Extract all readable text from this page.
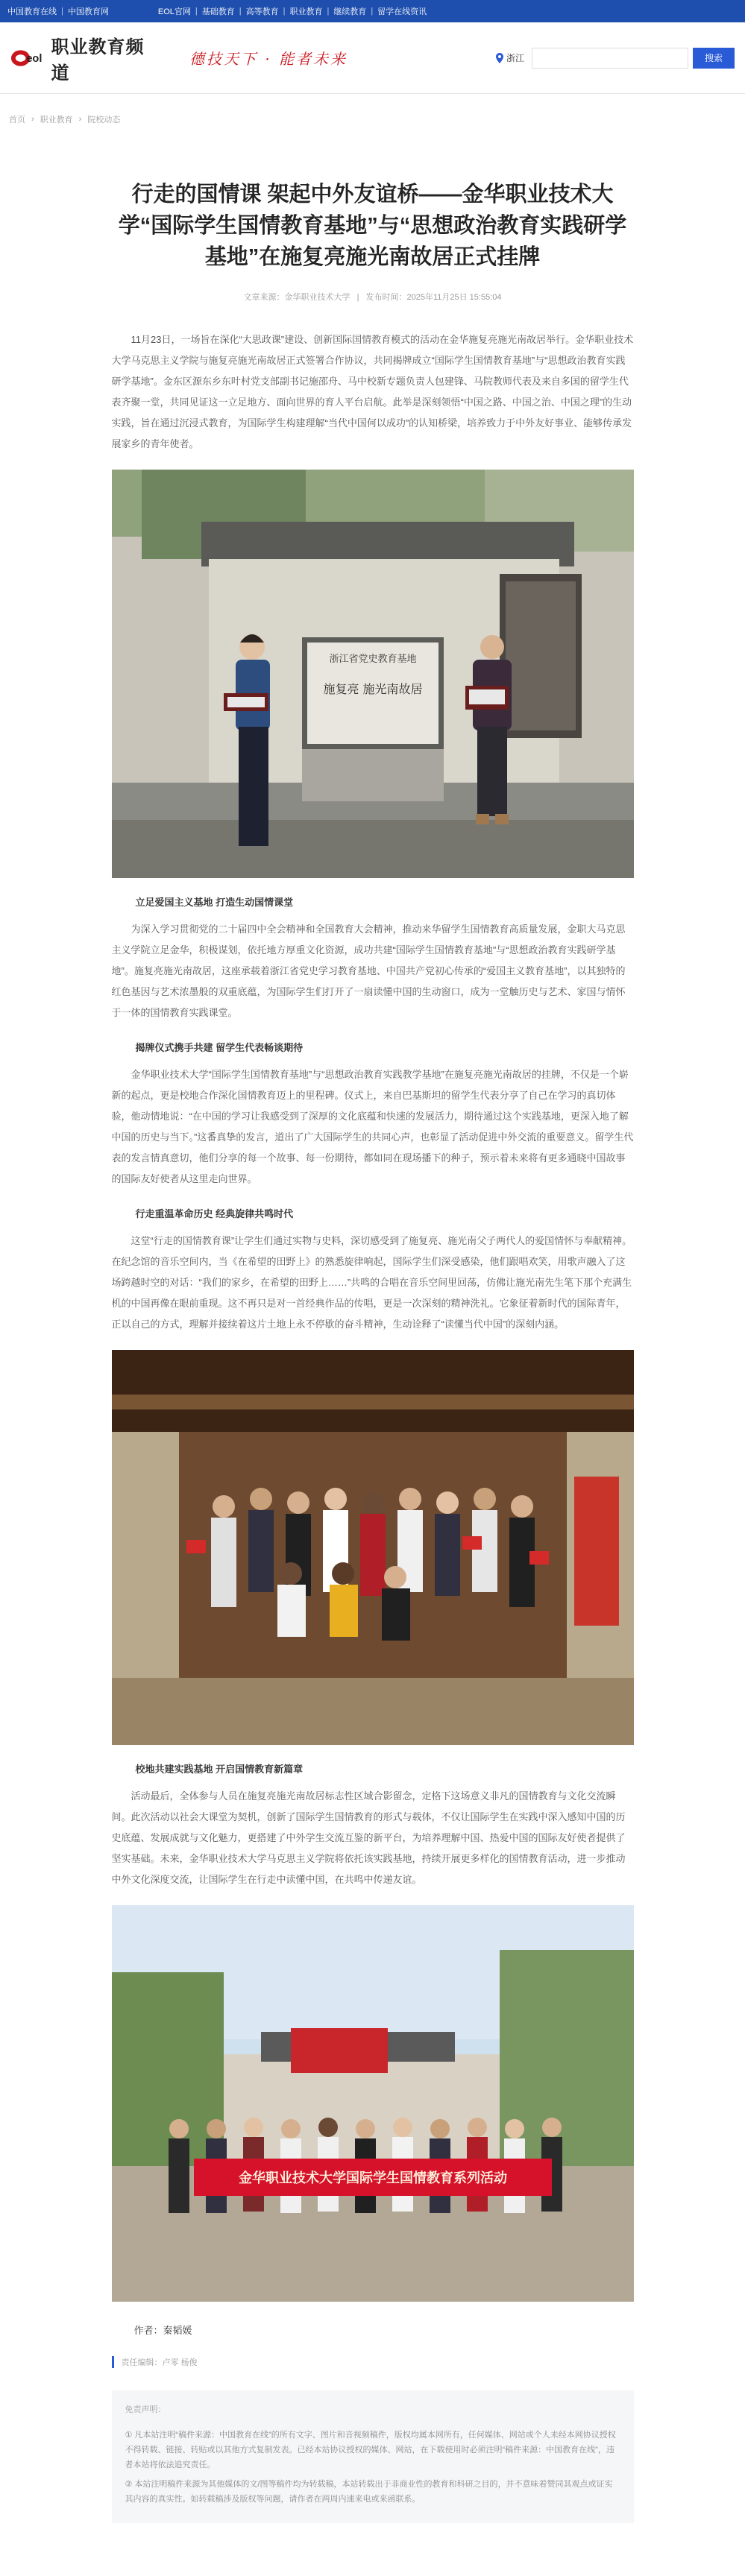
中国教育在线 | 中国教育网	EOL官网 | 基础教育 | 高等教育 | 职业教育 | 继续教育 | 留学在线资讯
eol
职业教育频道
德技天下 · 能者未来	浙江	搜索
首页 › 职业教育 › 院校动态
行走的国情课 架起中外友谊桥——金华职业技术大学“国际学生国情教育基地”与“思想政治教育实践研学基地”在施复亮施光南故居正式挂牌
文章来源：金华职业技术大学 | 发布时间：2025年11月25日 15:55:04

11月23日，一场旨在深化“大思政课”建设、创新国际国情教育模式的活动在金华施复亮施光南故居举行。金华职业技术大学马克思主义学院与施复亮施光南故居正式签署合作协议，共同揭牌成立“国际学生国情教育基地”与“思想政治教育实践研学基地”。金东区源东乡东叶村党支部副书记施邵舟、马中校新专题负责人包建锋、马院教师代表及来自多国的留学生代表齐聚一堂，共同见证这一立足地方、面向世界的育人平台启航。此举是深刻领悟“中国之路、中国之治、中国之理”的生动实践，旨在通过沉浸式教育，为国际学生构建理解“当代中国何以成功”的认知桥梁，培养致力于中外友好事业、能够传承发展家乡的青年使者。

浙江省党史教育基地
施复亮 施光南故居
立足爱国主义基地 打造生动国情课堂

为深入学习贯彻党的二十届四中全会精神和全国教育大会精神，推动来华留学生国情教育高质量发展，金职大马克思主义学院立足金华，积极谋划，依托地方厚重文化资源，成功共建“国际学生国情教育基地”与“思想政治教育实践研学基地”。施复亮施光南故居，这座承载着浙江省党史学习教育基地、中国共产党初心传承的“爱国主义教育基地”，以其独特的红色基因与艺术浓墨般的双重底蕴，为国际学生们打开了一扇读懂中国的生动窗口，成为一堂触历史与艺术、家国与情怀于一体的国情教育实践课堂。

揭牌仪式携手共建 留学生代表畅谈期待

金华职业技术大学“国际学生国情教育基地”与“思想政治教育实践教学基地”在施复亮施光南故居的挂牌，不仅是一个崭新的起点，更是校地合作深化国情教育迈上的里程碑。仪式上，来自巴基斯坦的留学生代表分享了自己在学习的真切体验，他动情地说：“在中国的学习让我感受到了深厚的文化底蕴和快速的发展活力，期待通过这个实践基地，更深入地了解中国的历史与当下。”这番真挚的发言，道出了广大国际学生的共同心声，也彰显了活动促进中外交流的重要意义。留学生代表的发言情真意切，他们分享的每一个故事、每一份期待，都如同在现场播下的种子，预示着未来将有更多通晓中国故事的国际友好使者从这里走向世界。

行走重温革命历史 经典旋律共鸣时代

这堂“行走的国情教育课”让学生们通过实物与史料，深切感受到了施复亮、施光南父子两代人的爱国情怀与奉献精神。在纪念馆的音乐空间内，当《在希望的田野上》的熟悉旋律响起，国际学生们深受感染，他们跟唱欢笑，用歌声融入了这场跨越时空的对话：“我们的家乡，在希望的田野上……”共鸣的合唱在音乐空间里回荡，仿佛让施光南先生笔下那个充满生机的中国再像在眼前重现。这不再只是对一首经典作品的传唱，更是一次深刻的精神洗礼。它象征着新时代的国际青年，正以自己的方式，理解并接续着这片土地上永不停歇的奋斗精神，生动诠释了“读懂当代中国”的深刻内涵。

校地共建实践基地 开启国情教育新篇章

活动最后，全体参与人员在施复亮施光南故居标志性区域合影留念，定格下这场意义非凡的国情教育与文化交流瞬间。此次活动以社会大课堂为契机，创新了国际学生国情教育的形式与载体，不仅让国际学生在实践中深入感知中国的历史底蕴、发展成就与文化魅力，更搭建了中外学生交流互鉴的新平台，为培养理解中国、热爱中国的国际友好使者提供了坚实基础。未来，金华职业技术大学马克思主义学院将依托该实践基地，持续开展更多样化的国情教育活动，进一步推动中外文化深度交流，让国际学生在行走中读懂中国，在共鸣中传递友谊。

金华职业技术大学国际学生国情教育系列活动
作者：秦韬媛
责任编辑：卢零 杨俊
免责声明：
① 凡本站注明“稿件来源：中国教育在线”的所有文字、图片和音视频稿件，版权均属本网所有，任何媒体、网站或个人未经本网协议授权不得转载、链接、转贴或以其他方式复制发表。已经本站协议授权的媒体、网站，在下载使用时必须注明“稿件来源：中国教育在线”，违者本站将依法追究责任。
② 本站注明稿件来源为其他媒体的文/图等稿件均为转载稿，本站转载出于非商业性的教育和科研之目的，并不意味着赞同其观点或证实其内容的真实性。如转载稿涉及版权等问题，请作者在两周内速来电或来函联系。
